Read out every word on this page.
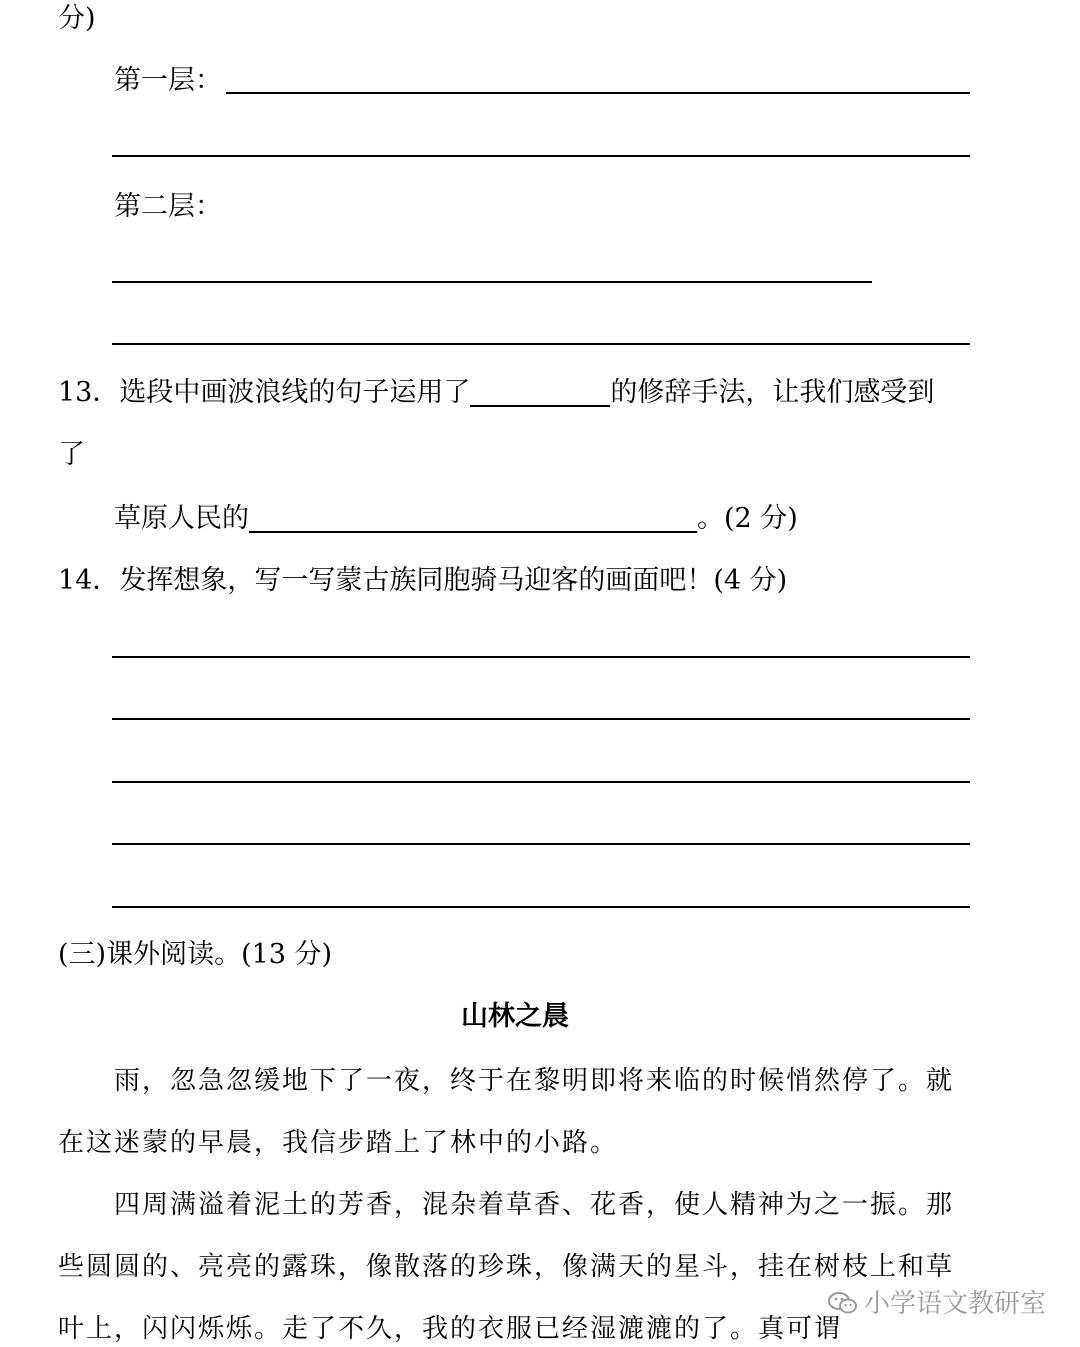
分)
第一层：
第二层：
13．选段中画波浪线的句子运用了	的修辞手法，让我们感受到
了
草原人民的	。(2 分)
14．发挥想象，写一写蒙古族同胞骑马迎客的画面吧！(4 分)
(三)课外阅读。(13 分)
山林之晨
雨，忽急忽缓地下了一夜，终于在黎明即将来临的时候悄然停了。就
在这迷蒙的早晨，我信步踏上了林中的小路。
四周满溢着泥土的芳香，混杂着草香、花香，使人精神为之一振。那
些圆圆的、亮亮的露珠，像散落的珍珠，像满天的星斗，挂在树枝上和草
叶上，闪闪烁烁。走了不久，我的衣服已经湿漉漉的了。真可谓
小学语文教研室
